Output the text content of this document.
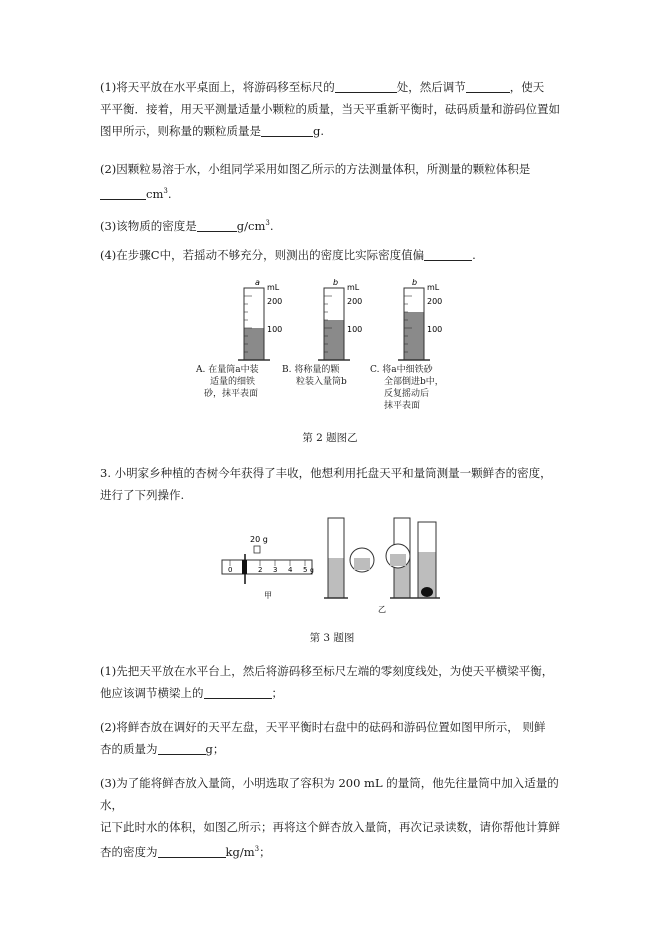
(1)将天平放在水平桌面上，将游码移至标尺的	处，然后调节	，使天
平平衡．接着，用天平测量适量小颗粒的质量，当天平重新平衡时，砝码质量和游码位置如
图甲所示，则称量的颗粒质量是	g.
(2)因颗粒易溶于水，小组同学采用如图乙所示的方法测量体积，所测量的颗粒体积是
$cm^3$.
(3)该物质的密度是	$g/cm^3$.
(4)在步骤C中，若摇动不够充分，则测出的密度比实际密度值偏	.
a
mL
200
100
b
mL
200
100
b
mL
200
100
A. 在量筒a中装
适量的细铁
砂，抹平表面
B. 将称量的颗
粒装入量筒b
C. 将a中细铁砂
全部倒进b中，
反复摇动后
抹平表面
第 2 题图乙
3. 小明家乡种植的杏树今年获得了丰收，他想利用托盘天平和量筒测量一颗鲜杏的密度，
进行了下列操作.
20 g
0	2 3 4 5 g
甲
乙
第 3 题图
(1)先把天平放在水平台上，然后将游码移至标尺左端的零刻度线处，为使天平横梁平衡，
他应该调节横梁上的	；
(2)将鲜杏放在调好的天平左盘，天平平衡时右盘中的砝码和游码位置如图甲所示， 则鲜
杏的质量为	g；
(3)为了能将鲜杏放入量筒，小明选取了容积为 200 mL 的量筒，他先往量筒中加入适量的水，
记下此时水的体积，如图乙所示；再将这个鲜杏放入量筒，再次记录读数，请你帮他计算鲜
杏的密度为	$kg/m^3$；
